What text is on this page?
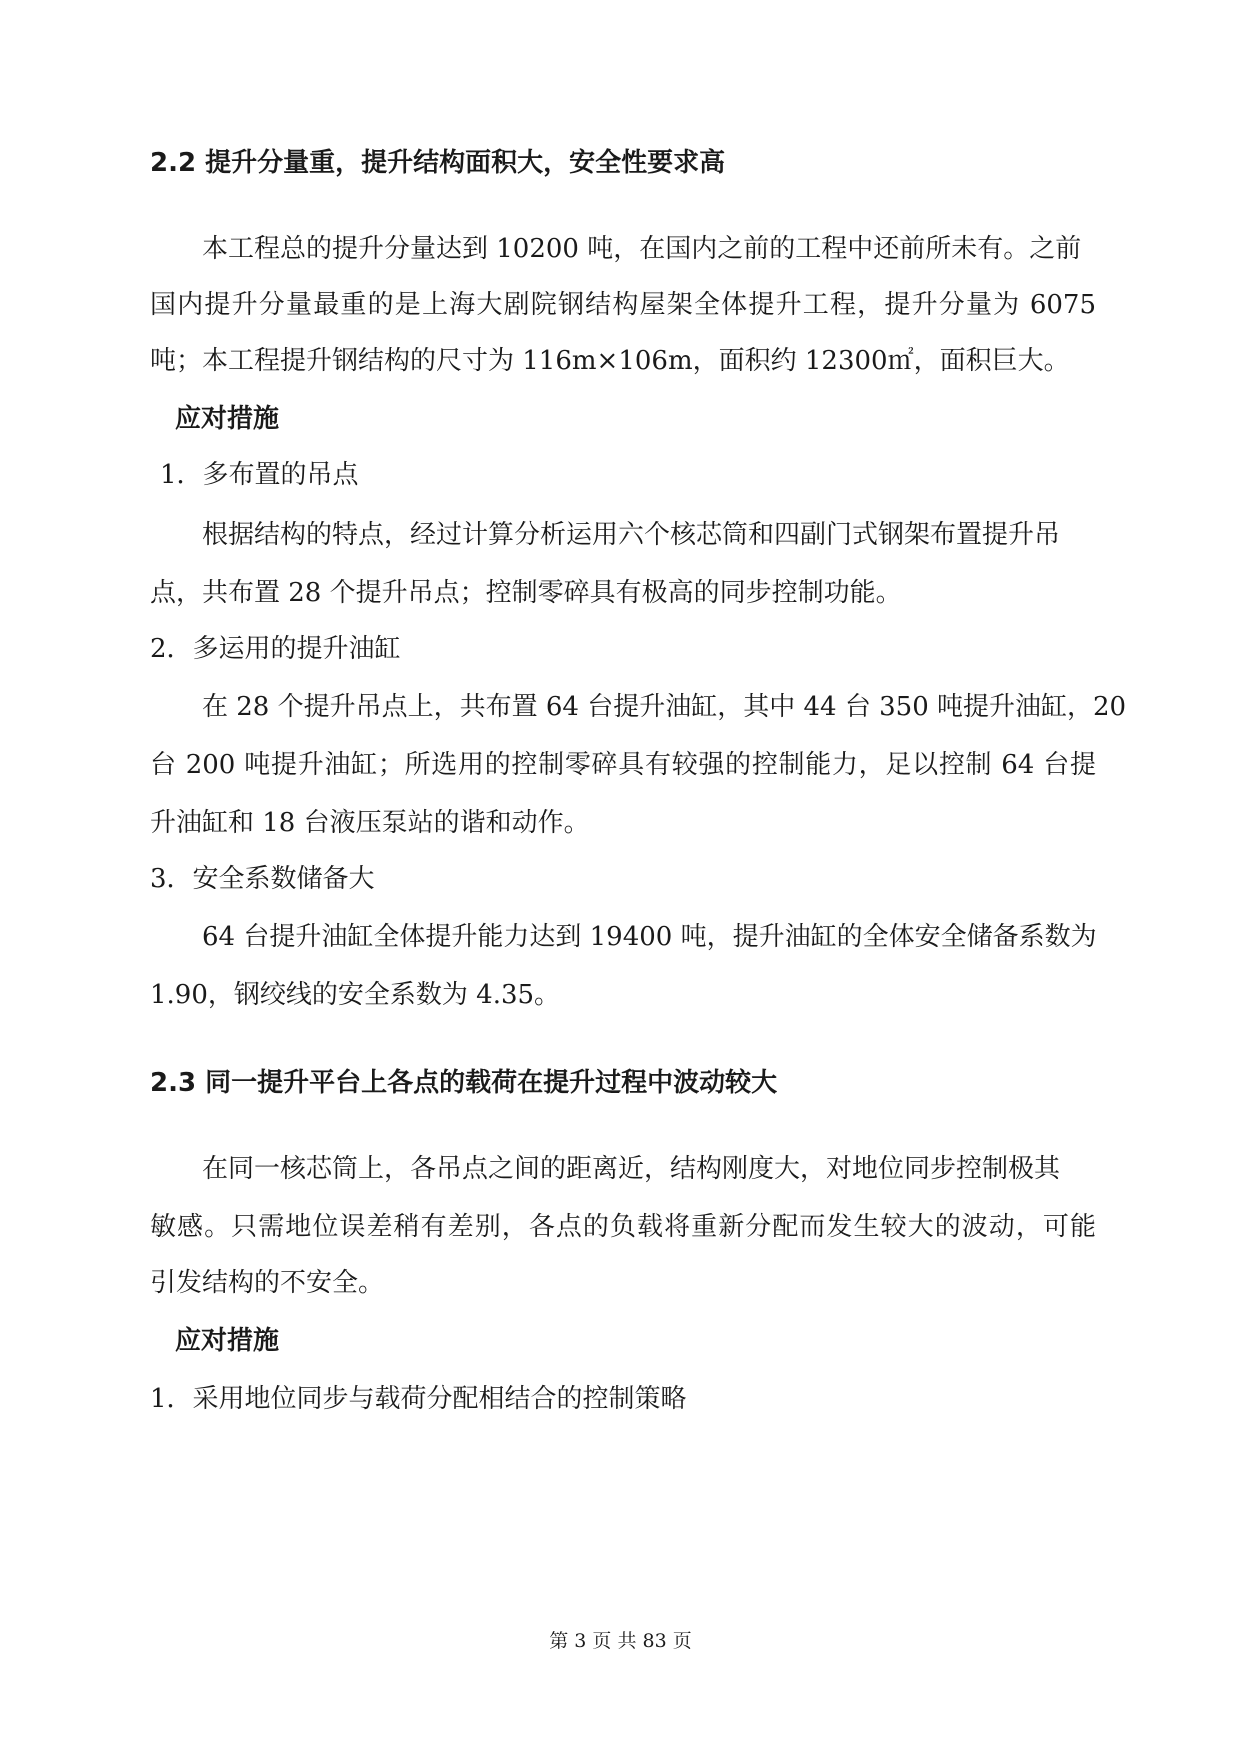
2.2 提升分量重，提升结构面积大，安全性要求高
本工程总的提升分量达到 10200 吨，在国内之前的工程中还前所未有。之前
国内提升分量最重的是上海大剧院钢结构屋架全体提升工程，提升分量为 6075
吨；本工程提升钢结构的尺寸为 116m×106m，面积约 12300㎡，面积巨大。
应对措施
1．多布置的吊点
根据结构的特点，经过计算分析运用六个核芯筒和四副门式钢架布置提升吊
点，共布置 28 个提升吊点；控制零碎具有极高的同步控制功能。
2．多运用的提升油缸
在 28 个提升吊点上，共布置 64 台提升油缸，其中 44 台 350 吨提升油缸，20
台 200 吨提升油缸；所选用的控制零碎具有较强的控制能力，足以控制 64 台提
升油缸和 18 台液压泵站的谐和动作。
3．安全系数储备大
64 台提升油缸全体提升能力达到 19400 吨，提升油缸的全体安全储备系数为
1.90，钢绞线的安全系数为 4.35。
2.3 同一提升平台上各点的载荷在提升过程中波动较大
在同一核芯筒上，各吊点之间的距离近，结构刚度大，对地位同步控制极其
敏感。只需地位误差稍有差别，各点的负载将重新分配而发生较大的波动，可能
引发结构的不安全。
应对措施
1．采用地位同步与载荷分配相结合的控制策略
第 3 页 共 83 页
